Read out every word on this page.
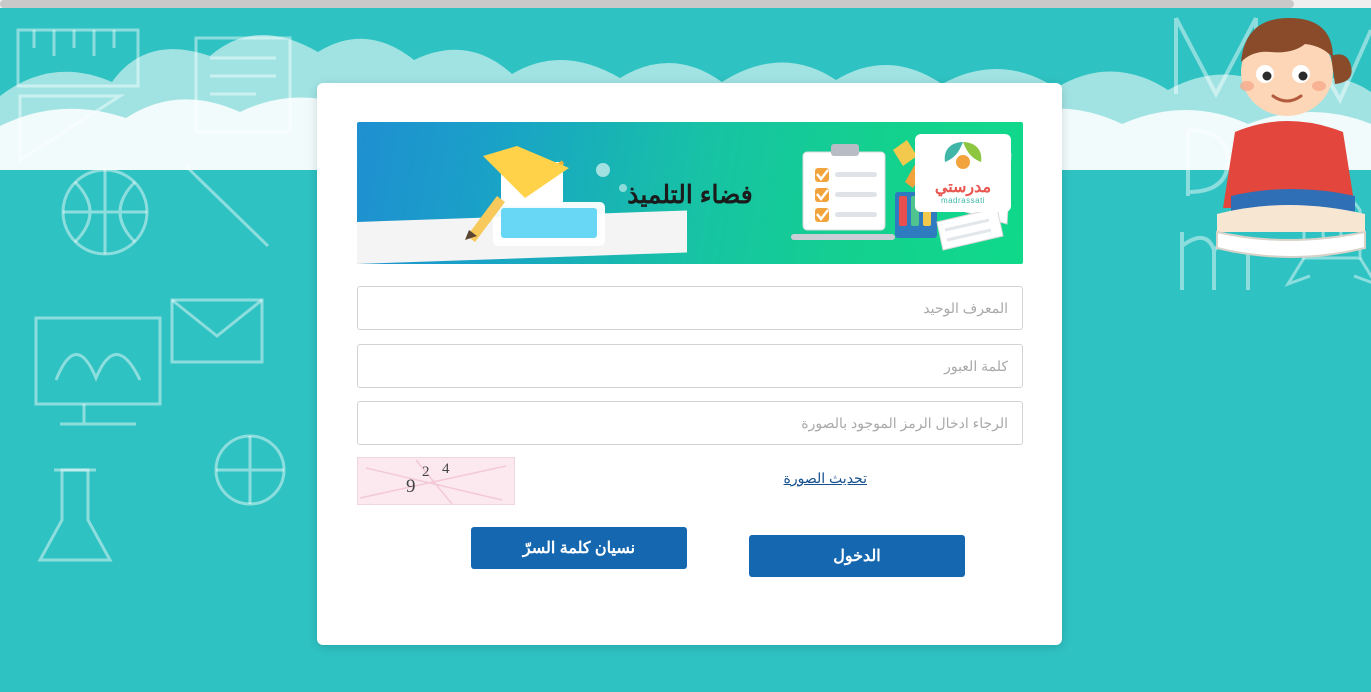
فضاء التلميذ	مدرستي
madrassati
المعرف الوحيد
الرجاء ادخال الرمز الموجود بالصورة
9
2 4
تحديث الصورة
الدخول
نسيان كلمة السرّ
